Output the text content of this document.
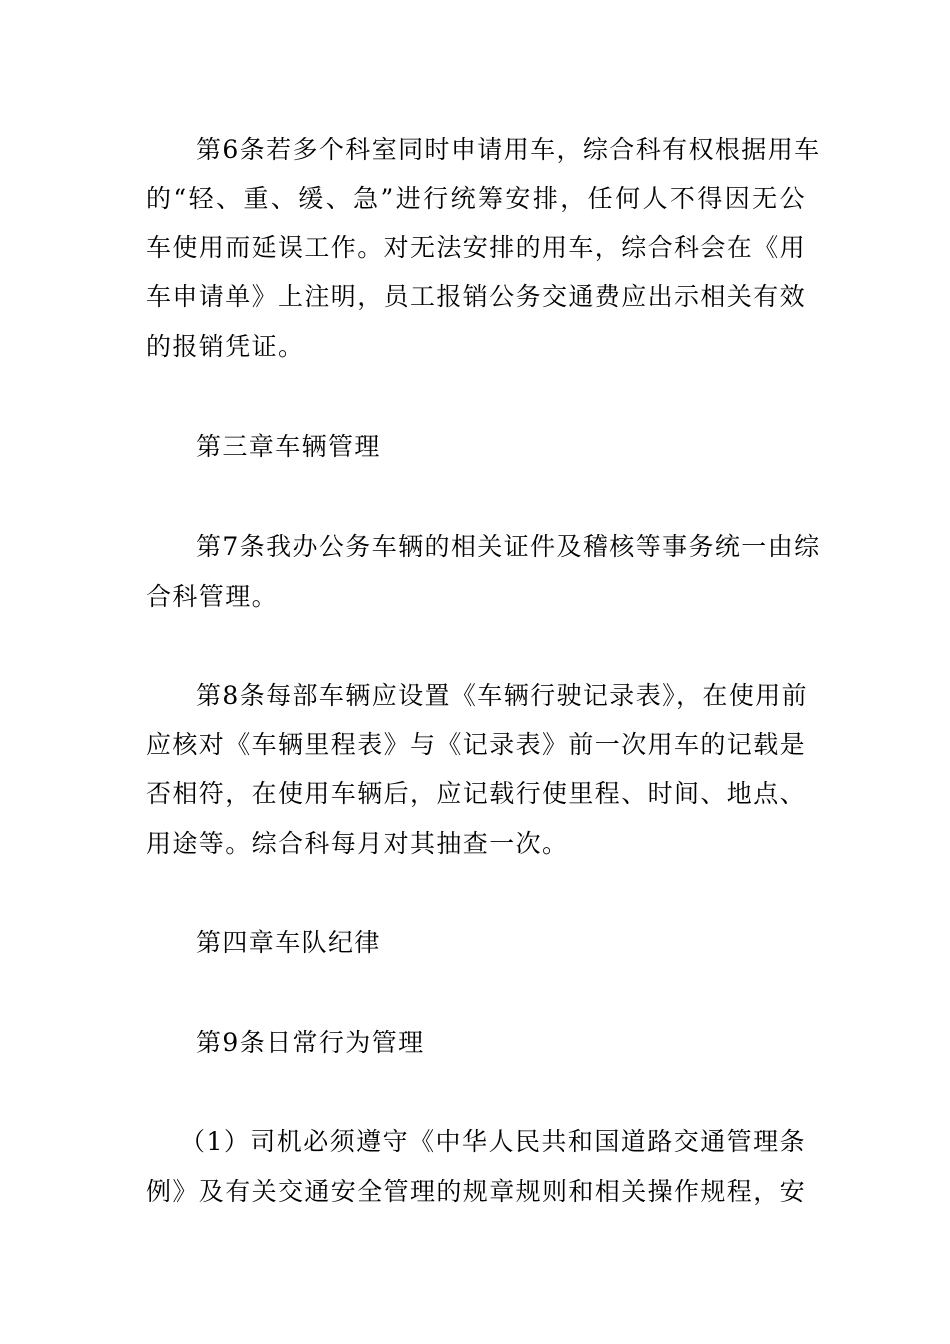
第6条若多个科室同时申请用车，综合科有权根据用车
的“轻、重、缓、急”进行统筹安排，任何人不得因无公
车使用而延误工作。对无法安排的用车，综合科会在《用
车申请单》上注明，员工报销公务交通费应出示相关有效
的报销凭证。
第三章车辆管理
第7条我办公务车辆的相关证件及稽核等事务统一由综
合科管理。
第8条每部车辆应设置《车辆行驶记录表》，在使用前
应核对《车辆里程表》与《记录表》前一次用车的记载是
否相符，在使用车辆后，应记载行使里程、时间、地点、
用途等。综合科每月对其抽查一次。
第四章车队纪律
第9条日常行为管理
（1）司机必须遵守《中华人民共和国道路交通管理条
例》及有关交通安全管理的规章规则和相关操作规程，安
